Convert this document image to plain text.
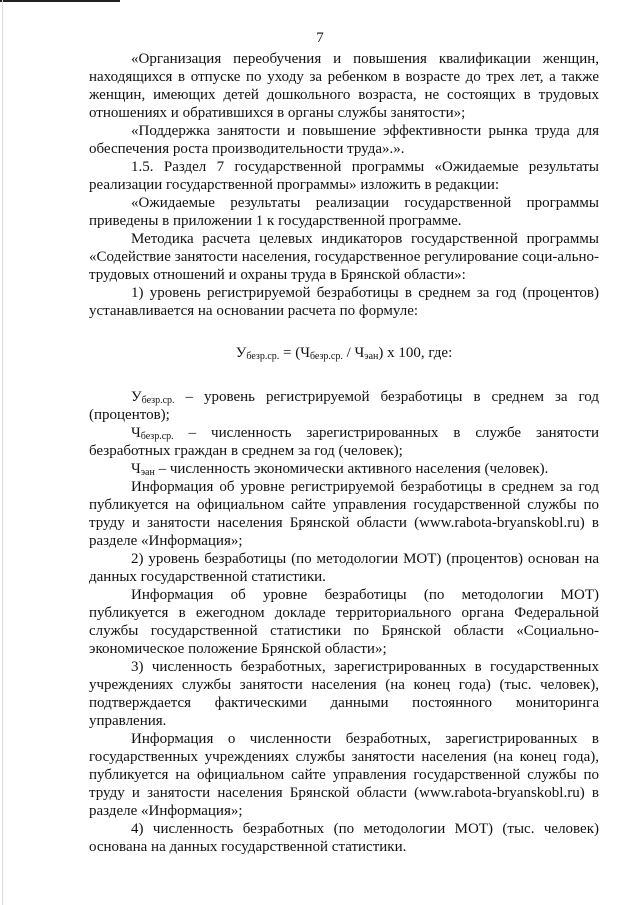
7

«Организация переобучения и повышения квалификации женщин, находящихся в отпуске по уходу за ребенком в возрасте до трех лет, а также женщин, имеющих детей дошкольного возраста, не состоящих в трудовых отношениях и обратившихся в органы службы занятости»;

«Поддержка занятости и повышение эффективности рынка труда для обеспечения роста производительности труда».».

1.5. Раздел 7 государственной программы «Ожидаемые результаты реализации государственной программы» изложить в редакции:

«Ожидаемые результаты реализации государственной программы приведены в приложении 1 к государственной программе.

Методика расчета целевых индикаторов государственной программы «Содействие занятости населения, государственное регулирование соци-ально-трудовых отношений и охраны труда в Брянской области»:

1) уровень регистрируемой безработицы в среднем за год (процентов) устанавливается на основании расчета по формуле:

$У_{безр.ср.} = (Ч_{безр.ср.} / Ч_{эан})$ x 100, где:

$У_{безр.ср.}$ – уровень регистрируемой безработицы в среднем за год (процентов);

$Ч_{безр.ср.}$ – численность зарегистрированных в службе занятости безработных граждан в среднем за год (человек);

$Ч_{эан}$ – численность экономически активного населения (человек).

Информация об уровне регистрируемой безработицы в среднем за год публикуется на официальном сайте управления государственной службы по труду и занятости населения Брянской области (www.rabota-bryanskobl.ru) в разделе «Информация»;

2) уровень безработицы (по методологии МОТ) (процентов) основан на данных государственной статистики.

Информация об уровне безработицы (по методологии МОТ) публикуется в ежегодном докладе территориального органа Федеральной службы государственной статистики по Брянской области «Социально-экономическое положение Брянской области»;

3) численность безработных, зарегистрированных в государственных учреждениях службы занятости населения (на конец года) (тыс. человек), подтверждается фактическими данными постоянного мониторинга управления.

Информация о численности безработных, зарегистрированных в государственных учреждениях службы занятости населения (на конец года), публикуется на официальном сайте управления государственной службы по труду и занятости населения Брянской области (www.rabota-bryanskobl.ru) в разделе «Информация»;

4) численность безработных (по методологии МОТ) (тыс. человек) основана на данных государственной статистики.
